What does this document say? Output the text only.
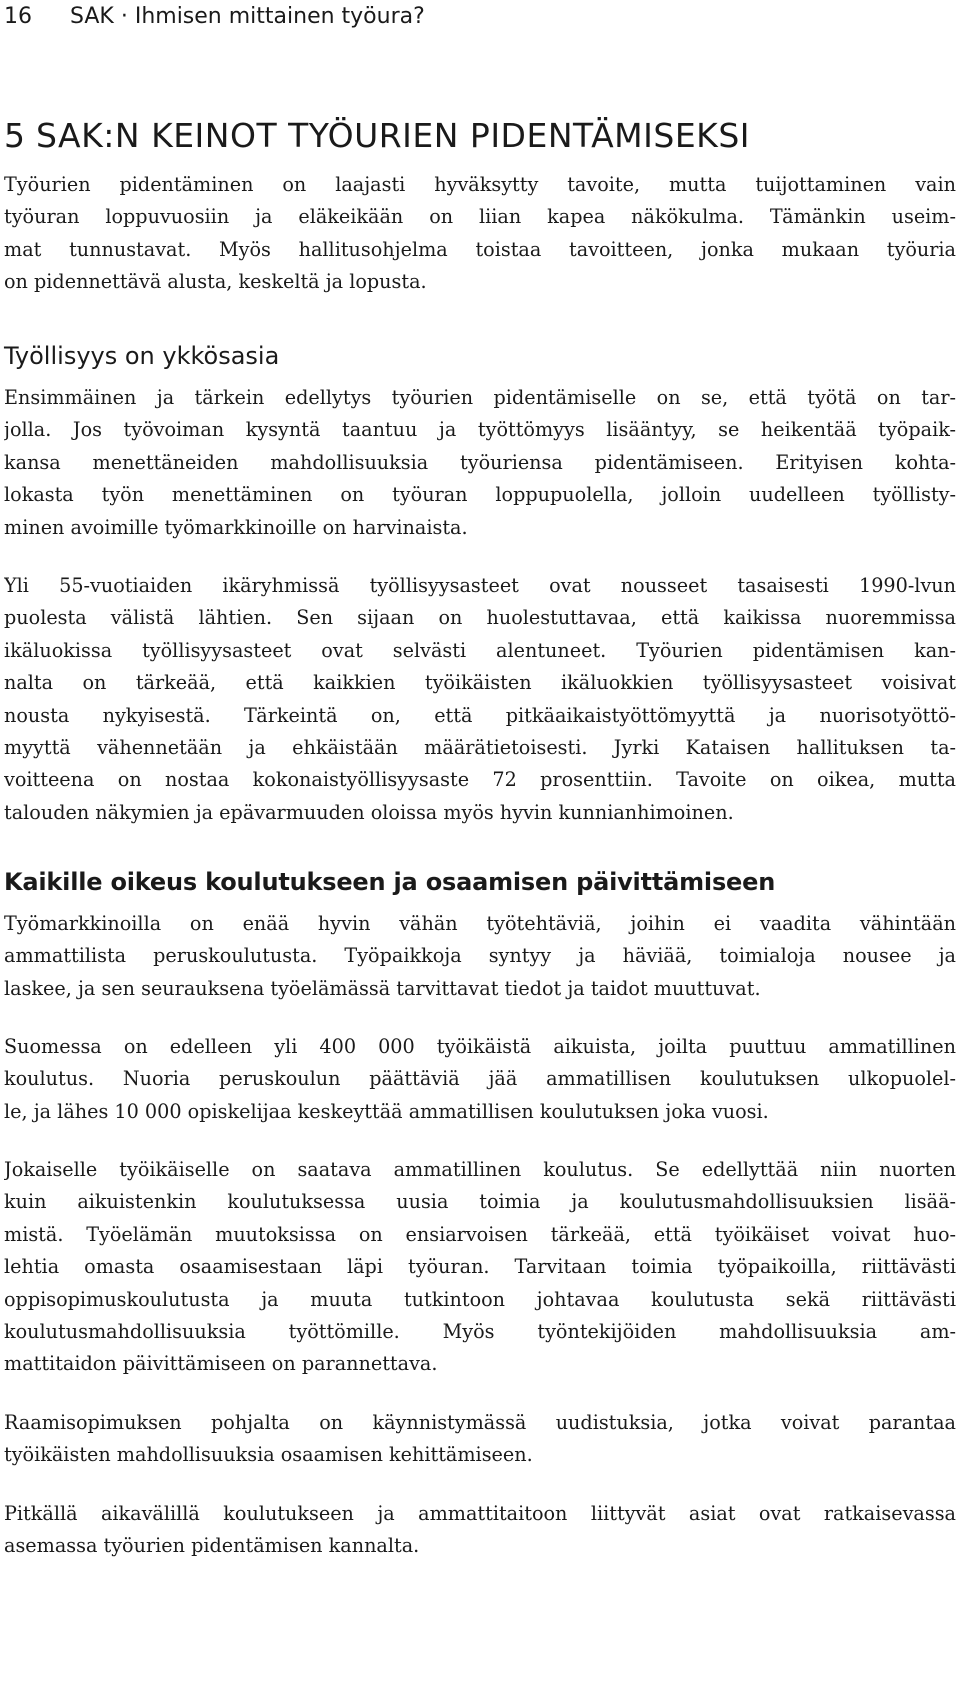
16 SAK · Ihmisen mittainen työura?
5 SAK:N KEINOT TYÖURIEN PIDENTÄMISEKSI

Työurien pidentäminen on laajasti hyväksytty tavoite, mutta tuijottaminen vain
työuran loppuvuosiin ja eläkeikään on liian kapea näkökulma. Tämänkin useim-
mat tunnustavat. Myös hallitusohjelma toistaa tavoitteen, jonka mukaan työuria
on pidennettävä alusta, keskeltä ja lopusta.

Työllisyys on ykkösasia

Ensimmäinen ja tärkein edellytys työurien pidentämiselle on se, että työtä on tar-
jolla. Jos työvoiman kysyntä taantuu ja työttömyys lisääntyy, se heikentää työpaik-
kansa menettäneiden mahdollisuuksia työuriensa pidentämiseen. Erityisen kohta-
lokasta työn menettäminen on työuran loppupuolella, jolloin uudelleen työllisty-
minen avoimille työmarkkinoille on harvinaista.

Yli 55-vuotiaiden ikäryhmissä työllisyysasteet ovat nousseet tasaisesti 1990-lvun
puolesta välistä lähtien. Sen sijaan on huolestuttavaa, että kaikissa nuoremmissa
ikäluokissa työllisyysasteet ovat selvästi alentuneet. Työurien pidentämisen kan-
nalta on tärkeää, että kaikkien työikäisten ikäluokkien työllisyysasteet voisivat
nousta nykyisestä. Tärkeintä on, että pitkäaikaistyöttömyyttä ja nuorisotyöttö-
myyttä vähennetään ja ehkäistään määrätietoisesti. Jyrki Kataisen hallituksen ta-
voitteena on nostaa kokonaistyöllisyysaste 72 prosenttiin. Tavoite on oikea, mutta
talouden näkymien ja epävarmuuden oloissa myös hyvin kunnianhimoinen.

Kaikille oikeus koulutukseen ja osaamisen päivittämiseen

Työmarkkinoilla on enää hyvin vähän työtehtäviä, joihin ei vaadita vähintään
ammattilista peruskoulutusta. Työpaikkoja syntyy ja häviää, toimialoja nousee ja
laskee, ja sen seurauksena työelämässä tarvittavat tiedot ja taidot muuttuvat.

Suomessa on edelleen yli 400 000 työikäistä aikuista, joilta puuttuu ammatillinen
koulutus. Nuoria peruskoulun päättäviä jää ammatillisen koulutuksen ulkopuolel-
le, ja lähes 10 000 opiskelijaa keskeyttää ammatillisen koulutuksen joka vuosi.

Jokaiselle työikäiselle on saatava ammatillinen koulutus. Se edellyttää niin nuorten
kuin aikuistenkin koulutuksessa uusia toimia ja koulutusmahdollisuuksien lisää-
mistä. Työelämän muutoksissa on ensiarvoisen tärkeää, että työikäiset voivat huo-
lehtia omasta osaamisestaan läpi työuran. Tarvitaan toimia työpaikoilla, riittävästi
oppisopimuskoulutusta ja muuta tutkintoon johtavaa koulutusta sekä riittävästi
koulutusmahdollisuuksia työttömille. Myös työntekijöiden mahdollisuuksia am-
mattitaidon päivittämiseen on parannettava.

Raamisopimuksen pohjalta on käynnistymässä uudistuksia, jotka voivat parantaa
työikäisten mahdollisuuksia osaamisen kehittämiseen.

Pitkällä aikavälillä koulutukseen ja ammattitaitoon liittyvät asiat ovat ratkaisevassa
asemassa työurien pidentämisen kannalta.
